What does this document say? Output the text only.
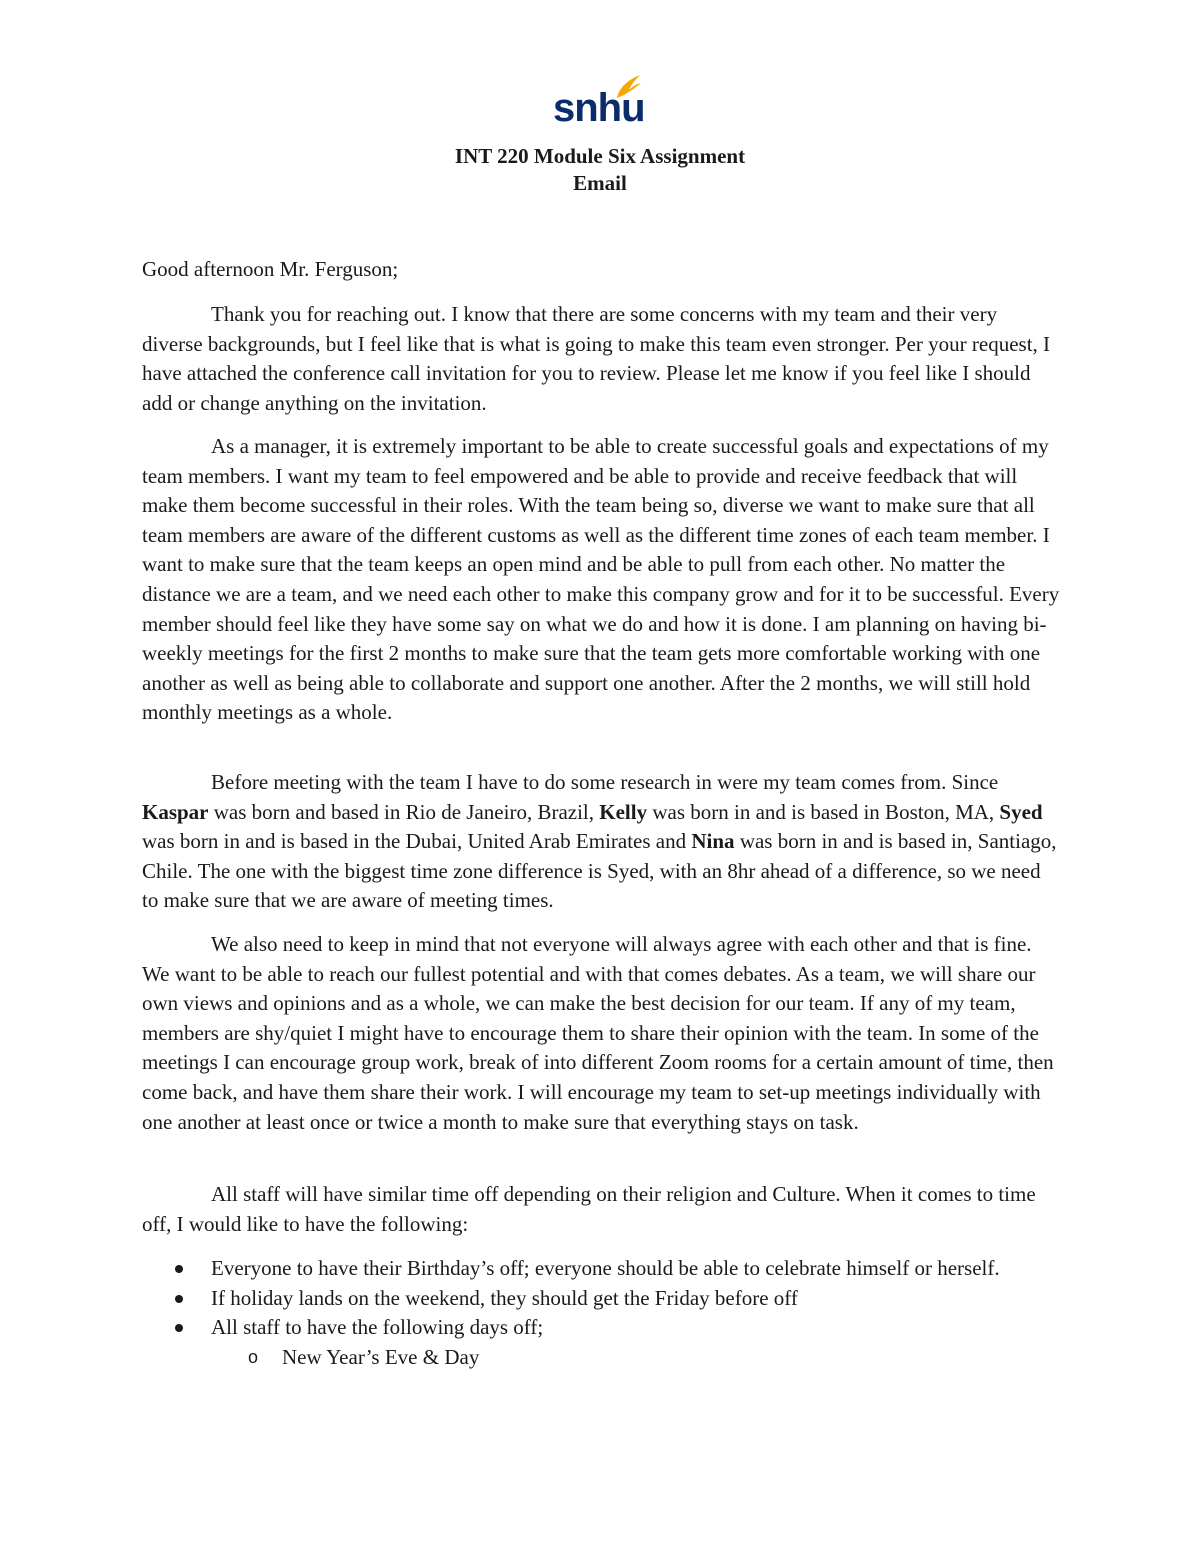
snhu
INT 220 Module Six Assignment
Email
Good afternoon Mr. Ferguson;

Thank you for reaching out. I know that there are some concerns with my team and their very diverse backgrounds, but I feel like that is what is going to make this team even stronger. Per your request, I have attached the conference call invitation for you to review. Please let me know if you feel like I should add or change anything on the invitation.

As a manager, it is extremely important to be able to create successful goals and expectations of my team members. I want my team to feel empowered and be able to provide and receive feedback that will make them become successful in their roles. With the team being so, diverse we want to make sure that all team members are aware of the different customs as well as the different time zones of each team member. I want to make sure that the team keeps an open mind and be able to pull from each other. No matter the distance we are a team, and we need each other to make this company grow and for it to be successful. Every member should feel like they have some say on what we do and how it is done. I am planning on having bi-weekly meetings for the first 2 months to make sure that the team gets more comfortable working with one another as well as being able to collaborate and support one another. After the 2 months, we will still hold monthly meetings as a whole.

Before meeting with the team I have to do some research in were my team comes from. Since Kaspar was born and based in Rio de Janeiro, Brazil, Kelly was born in and is based in Boston, MA, Syed was born in and is based in the Dubai, United Arab Emirates and Nina was born in and is based in, Santiago, Chile. The one with the biggest time zone difference is Syed, with an 8hr ahead of a difference, so we need to make sure that we are aware of meeting times.

We also need to keep in mind that not everyone will always agree with each other and that is fine. We want to be able to reach our fullest potential and with that comes debates. As a team, we will share our own views and opinions and as a whole, we can make the best decision for our team. If any of my team, members are shy/quiet I might have to encourage them to share their opinion with the team. In some of the meetings I can encourage group work, break of into different Zoom rooms for a certain amount of time, then come back, and have them share their work. I will encourage my team to set-up meetings individually with one another at least once or twice a month to make sure that everything stays on task.

All staff will have similar time off depending on their religion and Culture. When it comes to time off, I would like to have the following:

Everyone to have their Birthday’s off; everyone should be able to celebrate himself or herself.
If holiday lands on the weekend, they should get the Friday before off
All staff to have the following days off;
o New Year’s Eve & Day
